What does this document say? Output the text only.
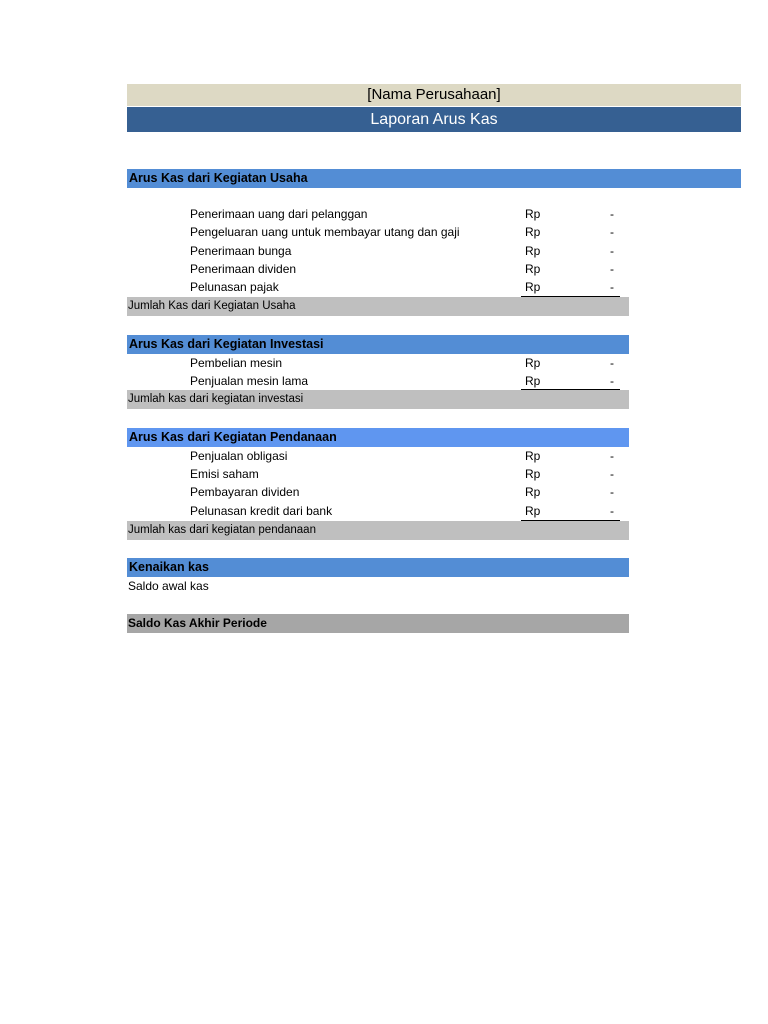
[Nama Perusahaan]
Laporan Arus Kas
Arus Kas dari Kegiatan Usaha
Penerimaan uang dari pelanggan	Rp	-
Pengeluaran uang untuk membayar utang dan gaji	Rp	-
Penerimaan bunga	Rp	-
Penerimaan dividen	Rp	-
Pelunasan pajak	Rp	-
Jumlah Kas dari Kegiatan Usaha
Arus Kas dari Kegiatan Investasi
Pembelian mesin	Rp	-
Penjualan mesin lama	Rp	-
Jumlah kas dari kegiatan investasi
Arus Kas dari Kegiatan Pendanaan
Penjualan obligasi	Rp	-
Emisi saham	Rp	-
Pembayaran dividen	Rp	-
Pelunasan kredit dari bank	Rp	-
Jumlah kas dari kegiatan pendanaan
Kenaikan kas
Saldo awal kas
Saldo Kas Akhir Periode
